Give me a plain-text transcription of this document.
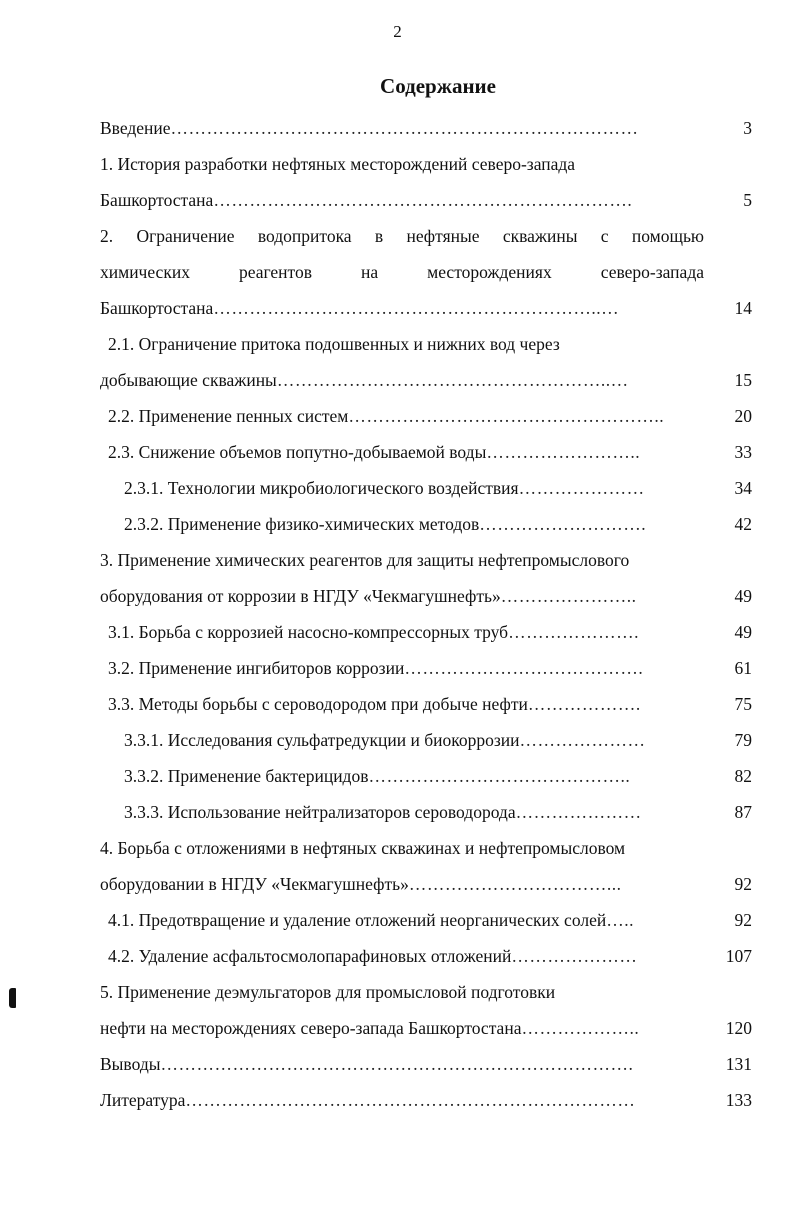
2
Содержание
Введение……………………………………………………………………	3
1. История разработки нефтяных месторождений северо-запада
Башкортостана…………………………………………………………….	5
2. Ограничение водопритока в нефтяные скважины с помощью
химических реагентов на месторождениях северо-запада
Башкортостана………………………………………………………..…	14
2.1. Ограничение притока подошвенных и нижних вод через
добывающие скважины………………………………………………..…	15
2.2. Применение пенных систем……………………………………………..	20
2.3. Снижение объемов попутно-добываемой воды……………………..	33
2.3.1. Технологии микробиологического воздействия…………………	34
2.3.2. Применение физико-химических методов……………………….	42
3. Применение химических реагентов для защиты нефтепромыслового
оборудования от коррозии в НГДУ «Чекмагушнефть»…………………..	49
3.1. Борьба с коррозией насосно-компрессорных труб………………….	49
3.2. Применение ингибиторов коррозии………………………………….	61
3.3. Методы борьбы с сероводородом при добыче нефти……………….	75
3.3.1. Исследования сульфатредукции и биокоррозии…………………	79
3.3.2. Применение бактерицидов……………………………………..	82
3.3.3. Использование нейтрализаторов сероводорода…………………	87
4. Борьба с отложениями в нефтяных скважинах и нефтепромысловом
оборудовании в НГДУ «Чекмагушнефть»……………………………...	92
4.1. Предотвращение и удаление отложений неорганических солей…..	92
4.2. Удаление асфальтосмолопарафиновых отложений…………………	107
5. Применение деэмульгаторов для промысловой подготовки
нефти на месторождениях северо-запада Башкортостана………………..	120
Выводы…………………………………………………………………….	131
Литература…………………………………………………………………	133
